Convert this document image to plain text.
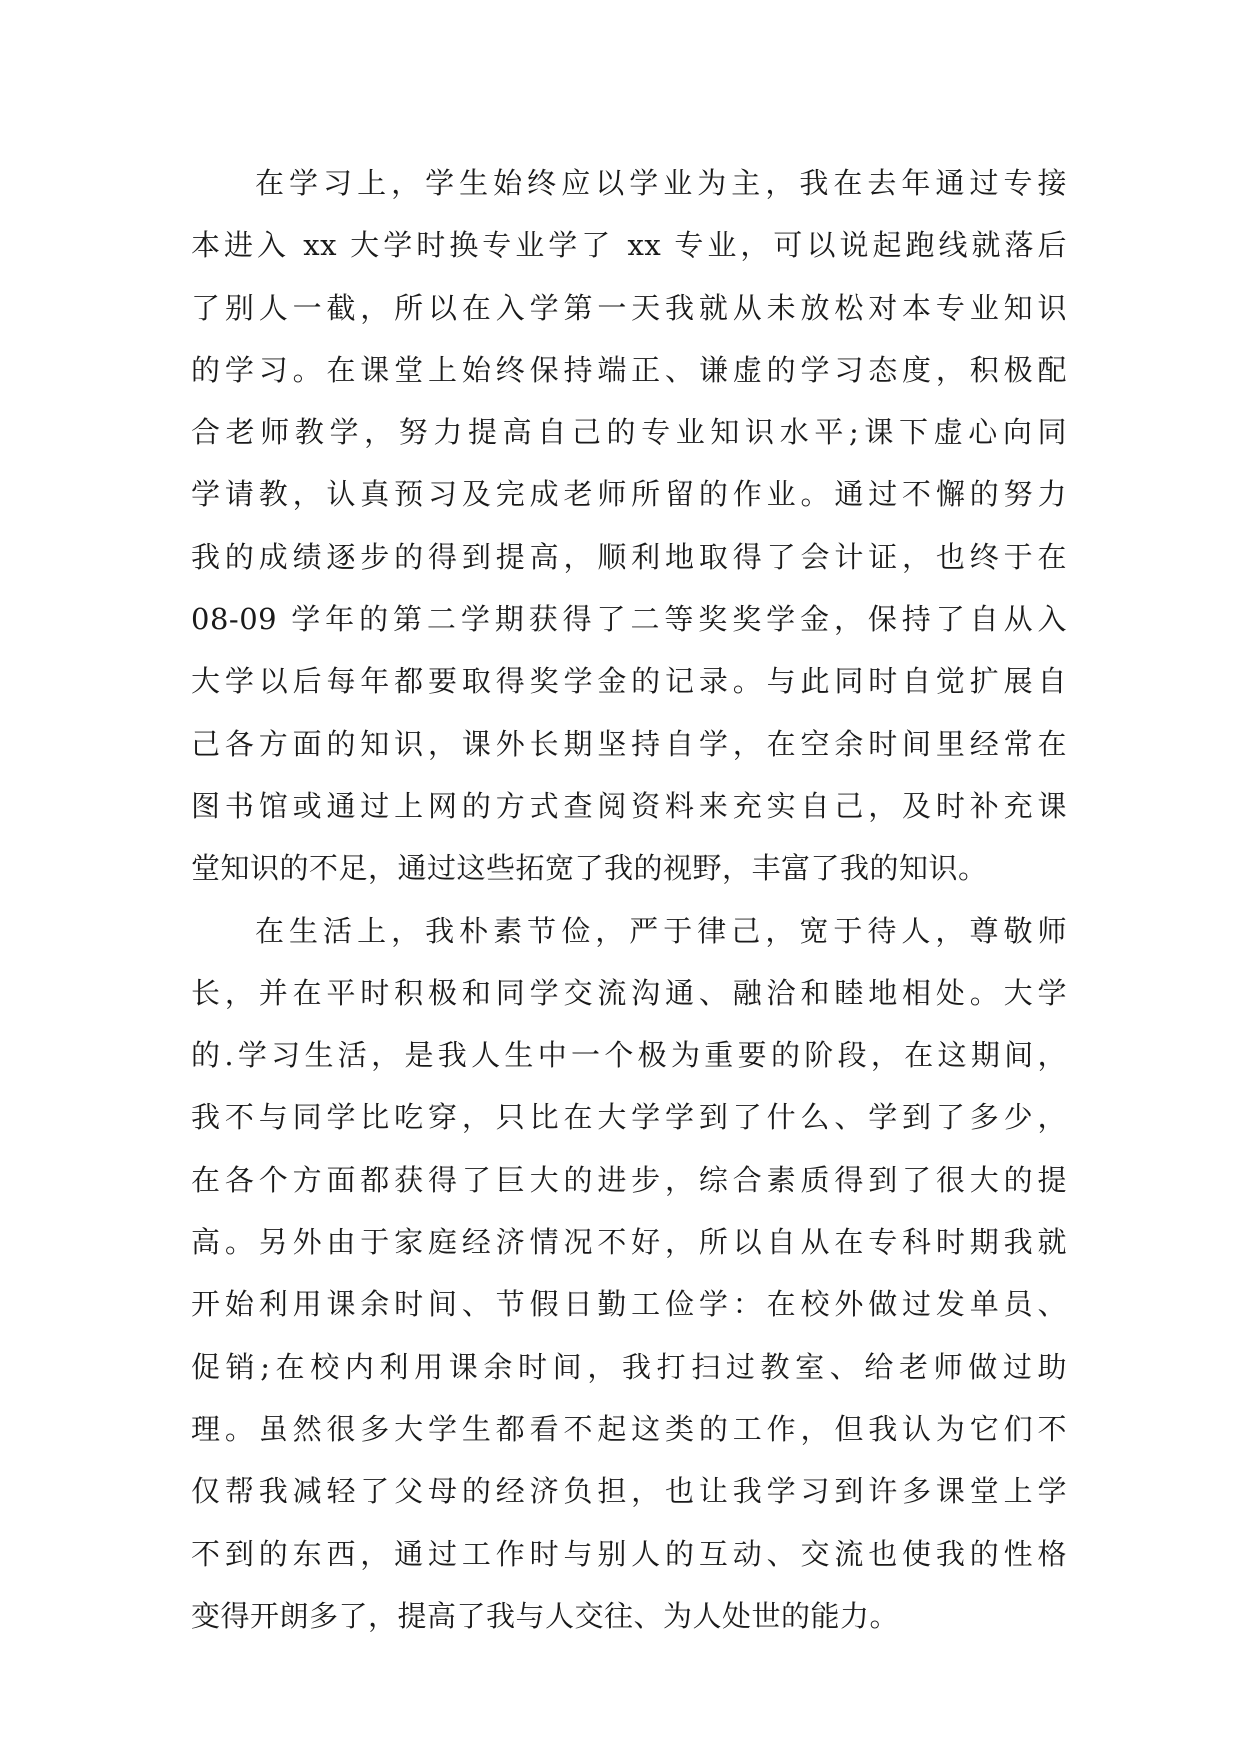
在学习上，学生始终应以学业为主，我在去年通过专接
本进入 xx 大学时换专业学了 xx 专业，可以说起跑线就落后
了别人一截，所以在入学第一天我就从未放松对本专业知识
的学习。在课堂上始终保持端正、谦虚的学习态度，积极配
合老师教学，努力提高自己的专业知识水平;课下虚心向同
学请教，认真预习及完成老师所留的作业。通过不懈的努力
我的成绩逐步的得到提高，顺利地取得了会计证，也终于在
08-09 学年的第二学期获得了二等奖奖学金，保持了自从入
大学以后每年都要取得奖学金的记录。与此同时自觉扩展自
己各方面的知识，课外长期坚持自学，在空余时间里经常在
图书馆或通过上网的方式查阅资料来充实自己，及时补充课
堂知识的不足，通过这些拓宽了我的视野，丰富了我的知识。
在生活上，我朴素节俭，严于律己，宽于待人，尊敬师
长，并在平时积极和同学交流沟通、融洽和睦地相处。大学
的.学习生活，是我人生中一个极为重要的阶段，在这期间，
我不与同学比吃穿，只比在大学学到了什么、学到了多少，
在各个方面都获得了巨大的进步，综合素质得到了很大的提
高。另外由于家庭经济情况不好，所以自从在专科时期我就
开始利用课余时间、节假日勤工俭学：在校外做过发单员、
促销;在校内利用课余时间，我打扫过教室、给老师做过助
理。虽然很多大学生都看不起这类的工作，但我认为它们不
仅帮我减轻了父母的经济负担，也让我学习到许多课堂上学
不到的东西，通过工作时与别人的互动、交流也使我的性格
变得开朗多了，提高了我与人交往、为人处世的能力。
